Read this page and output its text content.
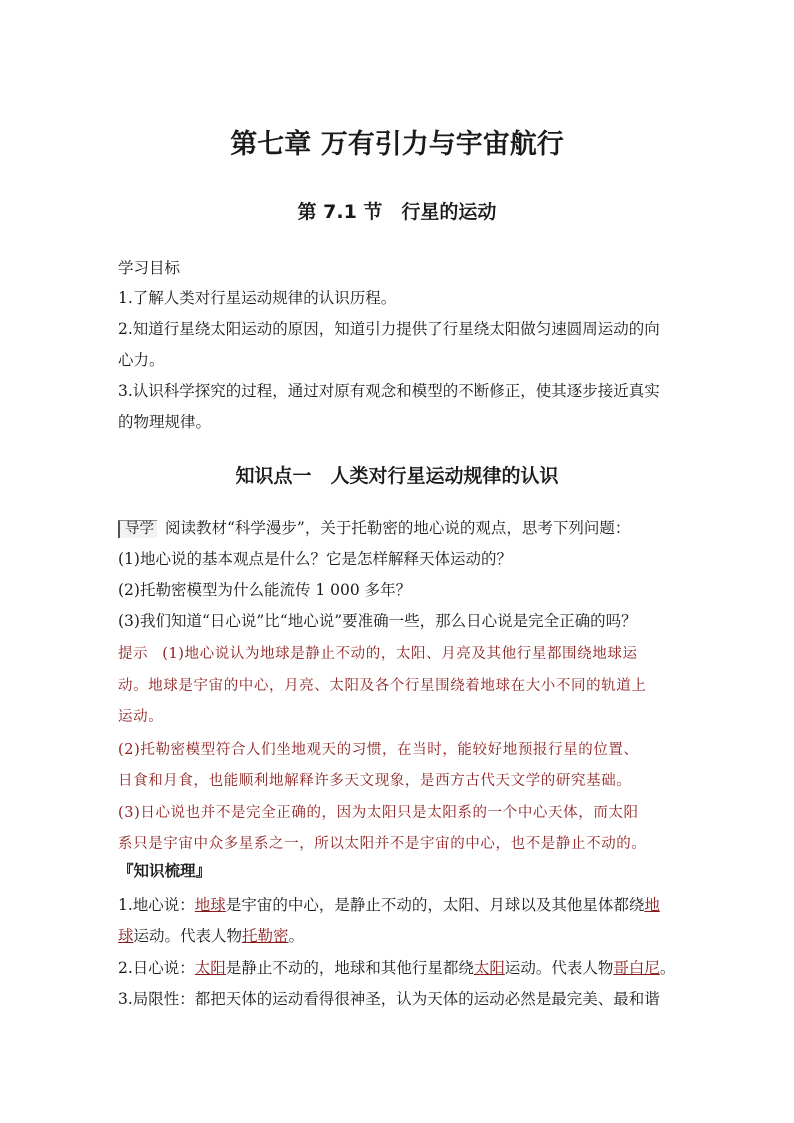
第七章 万有引力与宇宙航行
第 7.1 节　行星的运动
学习目标
1.了解人类对行星运动规律的认识历程。
2.知道行星绕太阳运动的原因，知道引力提供了行星绕太阳做匀速圆周运动的向
心力。
3.认识科学探究的过程，通过对原有观念和模型的不断修正，使其逐步接近真实
的物理规律。
知识点一　人类对行星运动规律的认识
导学 阅读教材“科学漫步”，关于托勒密的地心说的观点，思考下列问题：
(1)地心说的基本观点是什么？它是怎样解释天体运动的？
(2)托勒密模型为什么能流传 1 000 多年？
(3)我们知道“日心说”比“地心说”要准确一些，那么日心说是完全正确的吗？
提示 (1)地心说认为地球是静止不动的，太阳、月亮及其他行星都围绕地球运
动。地球是宇宙的中心，月亮、太阳及各个行星围绕着地球在大小不同的轨道上
运动。
(2)托勒密模型符合人们坐地观天的习惯，在当时，能较好地预报行星的位置、
日食和月食，也能顺利地解释许多天文现象，是西方古代天文学的研究基础。
(3)日心说也并不是完全正确的，因为太阳只是太阳系的一个中心天体，而太阳
系只是宇宙中众多星系之一，所以太阳并不是宇宙的中心，也不是静止不动的。
『知识梳理』
1.地心说：地球是宇宙的中心，是静止不动的，太阳、月球以及其他星体都绕地
球运动。代表人物托勒密。
2.日心说：太阳是静止不动的，地球和其他行星都绕太阳运动。代表人物哥白尼。
3.局限性：都把天体的运动看得很神圣，认为天体的运动必然是最完美、最和谐
